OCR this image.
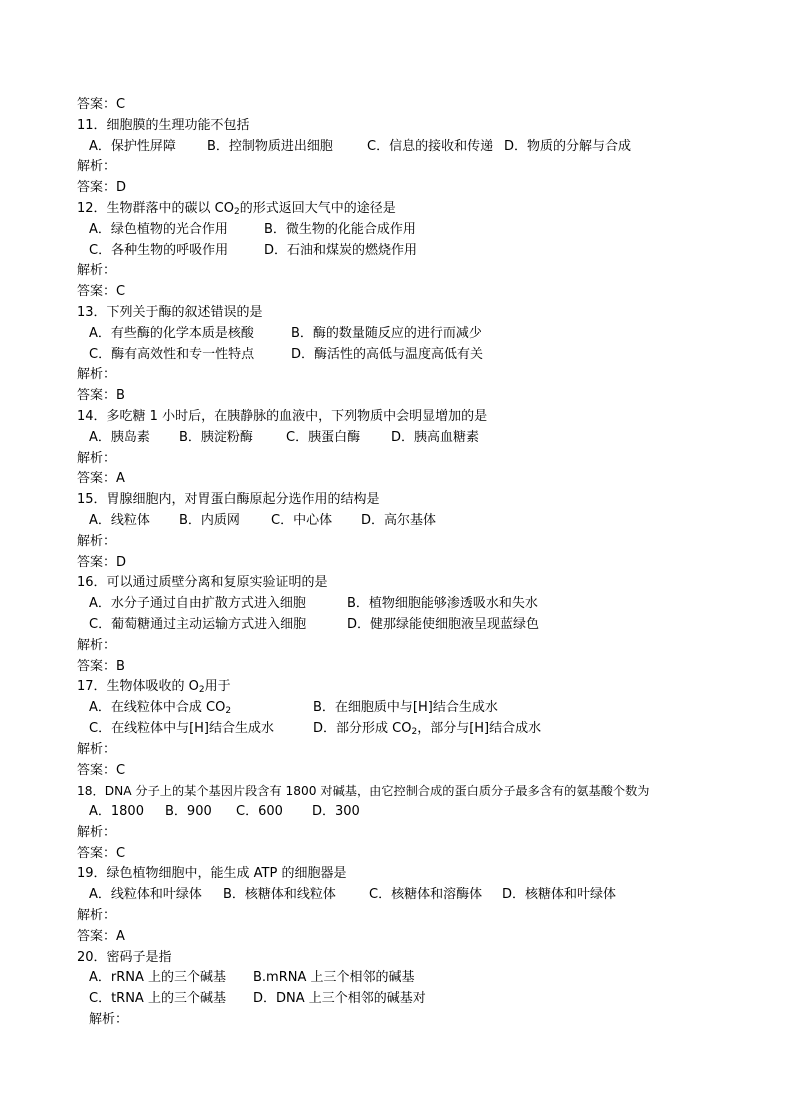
答案：C
11．细胞膜的生理功能不包括
A．保护性屏障 B．控制物质进出细胞	C．信息的接收和传递 D．物质的分解与合成
解析：
答案：D
12．生物群落中的碳以 $CO_2$的形式返回大气中的途径是
A．绿色植物的光合作用	B．微生物的化能合成作用
C．各种生物的呼吸作用	D．石油和煤炭的燃烧作用
解析：
答案：C
13．下列关于酶的叙述错误的是
A．有些酶的化学本质是核酸	B．酶的数量随反应的进行而减少
C．酶有高效性和专一性特点	D．酶活性的高低与温度高低有关
解析：
答案：B
14．多吃糖 1 小时后，在胰静脉的血液中，下列物质中会明显增加的是
A．胰岛素 B．胰淀粉酶	C．胰蛋白酶 D．胰高血糖素
解析：
答案：A
15．胃腺细胞内，对胃蛋白酶原起分选作用的结构是
A．线粒体 B．内质网 C．中心体 D．高尔基体
解析：
答案：D
16．可以通过质壁分离和复原实验证明的是
A．水分子通过自由扩散方式进入细胞	B．植物细胞能够渗透吸水和失水
C．葡萄糖通过主动运输方式进入细胞	D．健那绿能使细胞液呈现蓝绿色
解析：
答案：B
17．生物体吸收的 $O_2$用于
A．在线粒体中合成 $CO_2$	B．在细胞质中与[H]结合生成水
C．在线粒体中与[H]结合生成水	D．部分形成 $CO_2$，部分与[H]结合成水
解析：
答案：C
18．DNA 分子上的某个基因片段含有 1800 对碱基，由它控制合成的蛋白质分子最多含有的氨基酸个数为
A．1800 B．900 C．600 D．300
解析：
答案：C
19．绿色植物细胞中，能生成 ATP 的细胞器是
A．线粒体和叶绿体 B．核糖体和线粒体	C．核糖体和溶酶体 D．核糖体和叶绿体
解析：
答案：A
20．密码子是指
A．rRNA 上的三个碱基 B.mRNA 上三个相邻的碱基
C．tRNA 上的三个碱基 D．DNA 上三个相邻的碱基对
解析：
